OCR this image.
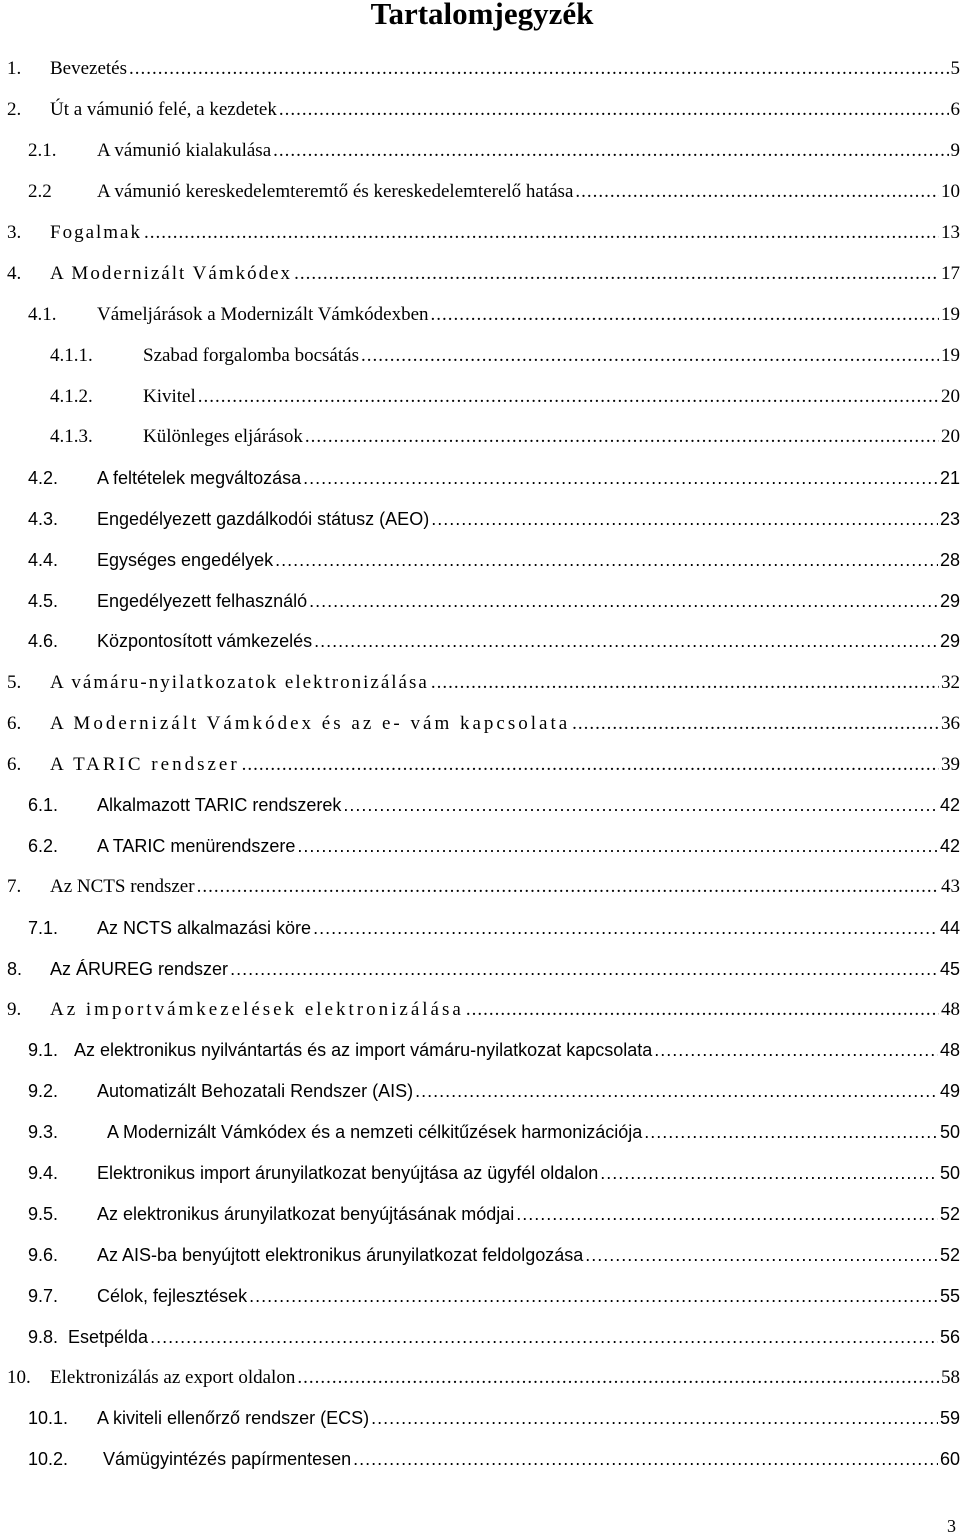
Tartalomjegyzék
1. Bevezetés .....	5
2. Út a vámunió felé, a kezdetek .....	6
2.1. A vámunió kialakulása .....	9
2.2 A vámunió kereskedelemteremtő és kereskedelemterelő hatása .....	10
3. Fogalmak .....	13
4. A Modernizált Vámkódex .....	17
4.1. Vámeljárások a Modernizált Vámkódexben .....	19
4.1.1.	Szabad forgalomba bocsátás .....	19
4.1.2.	Kivitel .....	20
4.1.3.	Különleges eljárások .....	20
4.2. A feltételek megváltozása .....	21
4.3. Engedélyezett gazdálkodói státusz (AEO) .....	23
4.4. Egységes engedélyek .....	28
4.5. Engedélyezett felhasználó .....	29
4.6. Központosított vámkezelés .....	29
5. A vámáru-nyilatkozatok elektronizálása .....	32
6. A Modernizált Vámkódex és az e- vám kapcsolata .....	36
6. A TARIC rendszer .....	39
6.1. Alkalmazott TARIC rendszerek .....	42
6.2. A TARIC menürendszere .....	42
7. Az NCTS rendszer .....	43
7.1. Az NCTS alkalmazási köre .....	44
8. Az ÁRUREG rendszer .....	45
9. Az importvámkezelések elektronizálása .....	48
9.1. Az elektronikus nyilvántartás és az import vámáru-nyilatkozat kapcsolata .....	48
9.2. Automatizált Behozatali Rendszer (AIS) .....	49
9.3.	A Modernizált Vámkódex és a nemzeti célkitűzések harmonizációja .....	50
9.4. Elektronikus import árunyilatkozat benyújtása az ügyfél oldalon .....	50
9.5. Az elektronikus árunyilatkozat benyújtásának módjai .....	52
9.6. Az AIS-ba benyújtott elektronikus árunyilatkozat feldolgozása .....	52
9.7. Célok, fejlesztések .....	55
9.8. Esetpélda .....	56
10. Elektronizálás az export oldalon .....	58
10.1. A kiviteli ellenőrző rendszer (ECS) .....	59
10.2. Vámügyintézés papírmentesen .....	60
3
